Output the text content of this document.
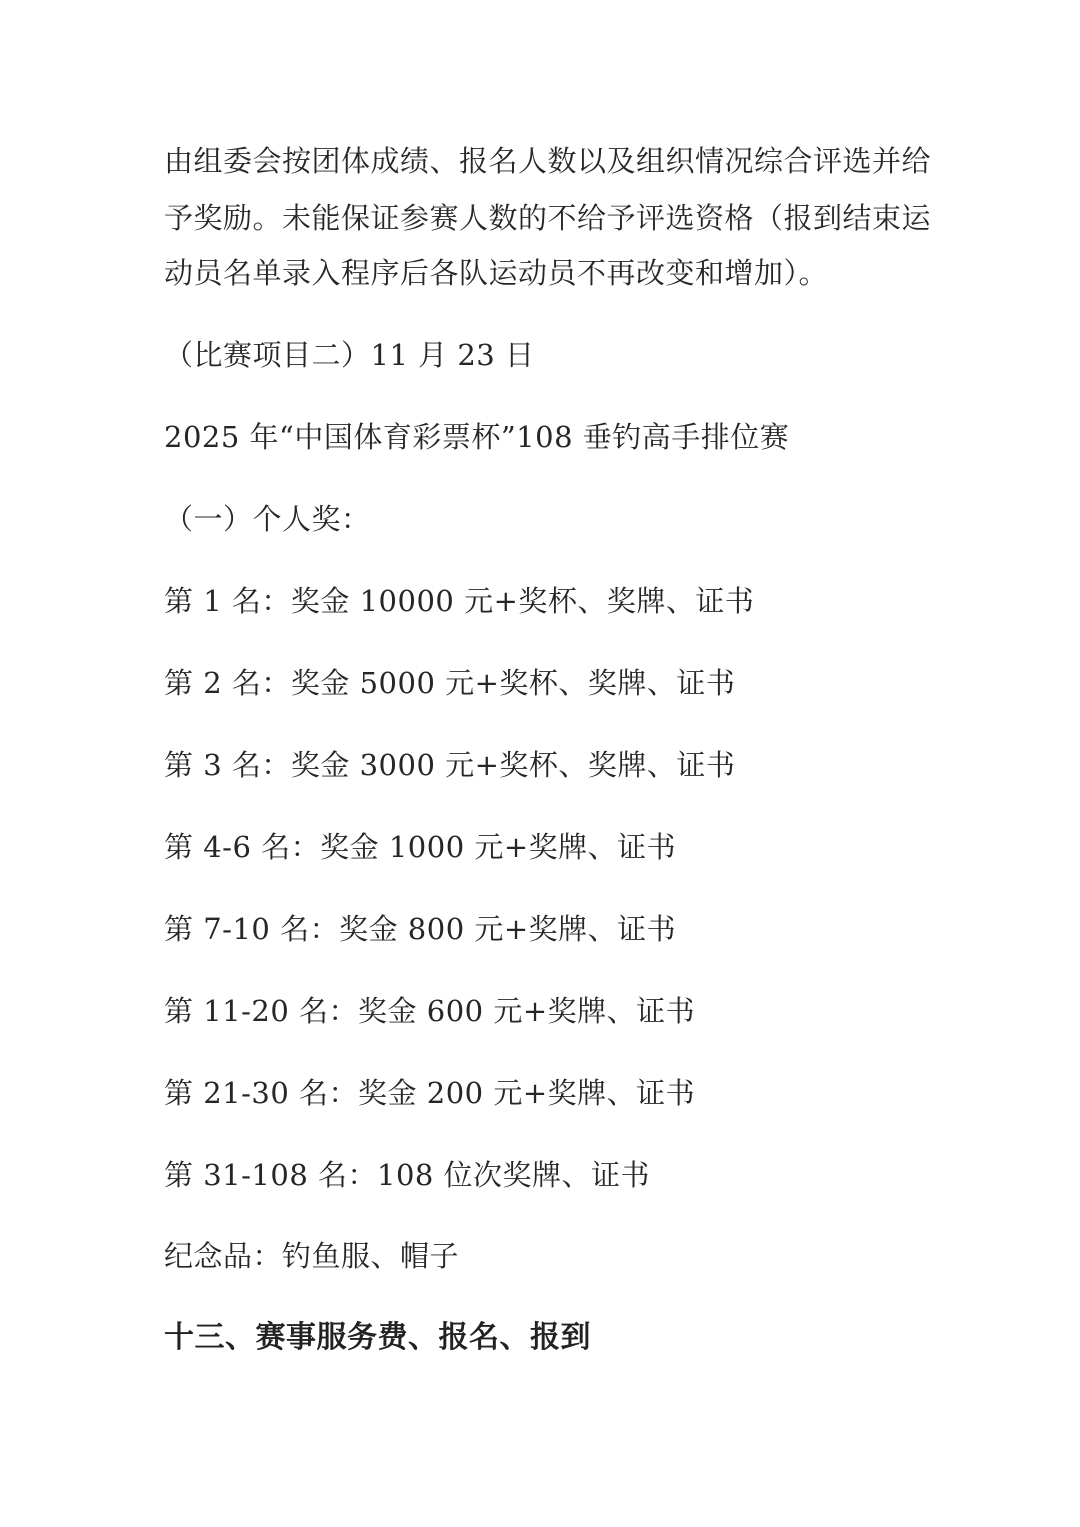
由组委会按团体成绩、报名人数以及组织情况综合评选并给
予奖励。未能保证参赛人数的不给予评选资格（报到结束运
动员名单录入程序后各队运动员不再改变和增加）。
（比赛项目二）11 月 23 日
2025 年“中国体育彩票杯”108 垂钓高手排位赛
（一）个人奖：
第 1 名：奖金 10000 元+奖杯、奖牌、证书
第 2 名：奖金 5000 元+奖杯、奖牌、证书
第 3 名：奖金 3000 元+奖杯、奖牌、证书
第 4-6 名：奖金 1000 元+奖牌、证书
第 7-10 名：奖金 800 元+奖牌、证书
第 11-20 名：奖金 600 元+奖牌、证书
第 21-30 名：奖金 200 元+奖牌、证书
第 31-108 名：108 位次奖牌、证书
纪念品：钓鱼服、帽子
十三、赛事服务费、报名、报到
